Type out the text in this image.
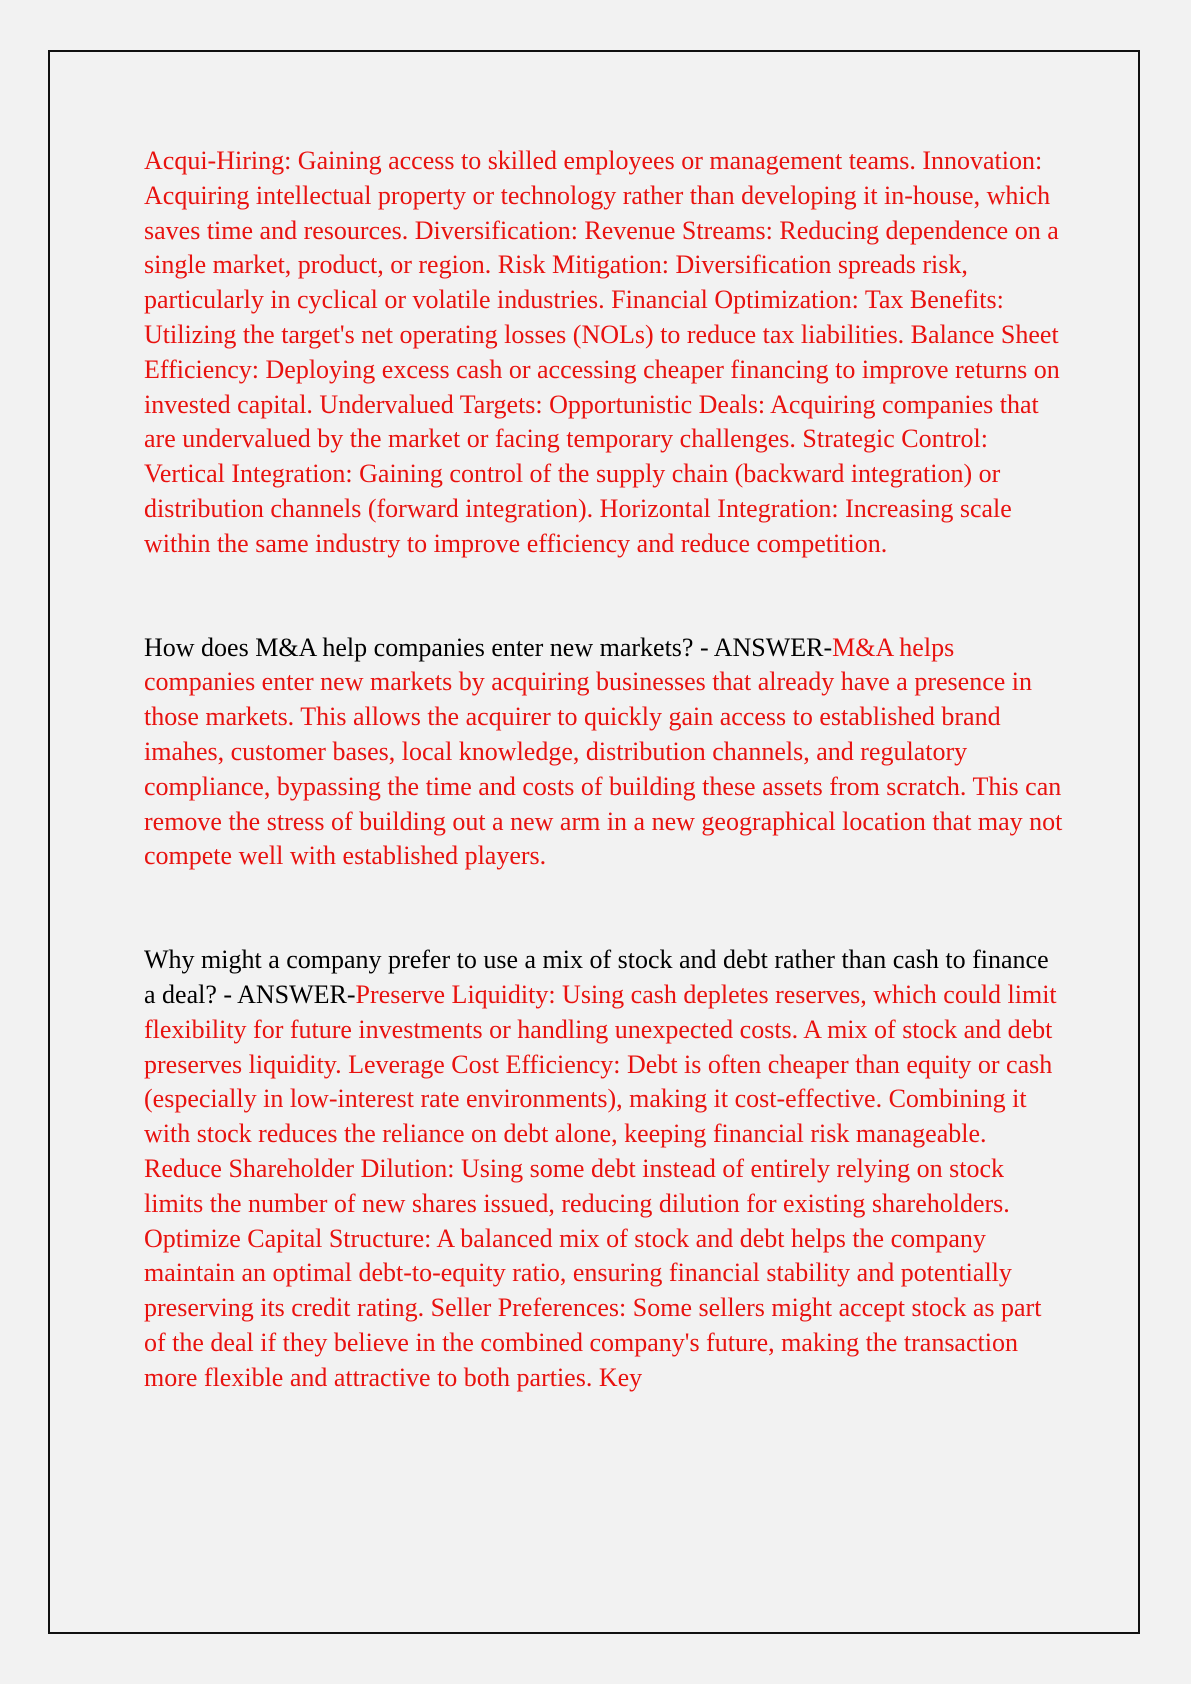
Acqui-Hiring: Gaining access to skilled employees or management teams. Innovation: Acquiring intellectual property or technology rather than developing it in-house, which saves time and resources. Diversification: Revenue Streams: Reducing dependence on a single market, product, or region. Risk Mitigation: Diversification spreads risk, particularly in cyclical or volatile industries. Financial Optimization: Tax Benefits: Utilizing the target's net operating losses (NOLs) to reduce tax liabilities. Balance Sheet Efficiency: Deploying excess cash or accessing cheaper financing to improve returns on invested capital. Undervalued Targets: Opportunistic Deals: Acquiring companies that are undervalued by the market or facing temporary challenges. Strategic Control: Vertical Integration: Gaining control of the supply chain (backward integration) or distribution channels (forward integration). Horizontal Integration: Increasing scale within the same industry to improve efficiency and reduce competition.

How does M&A help companies enter new markets? - ANSWER-M&A helps companies enter new markets by acquiring businesses that already have a presence in those markets. This allows the acquirer to quickly gain access to established brand imahes, customer bases, local knowledge, distribution channels, and regulatory compliance, bypassing the time and costs of building these assets from scratch. This can remove the stress of building out a new arm in a new geographical location that may not compete well with established players.

Why might a company prefer to use a mix of stock and debt rather than cash to finance a deal? - ANSWER-Preserve Liquidity: Using cash depletes reserves, which could limit flexibility for future investments or handling unexpected costs. A mix of stock and debt preserves liquidity. Leverage Cost Efficiency: Debt is often cheaper than equity or cash (especially in low-interest rate environments), making it cost-effective. Combining it with stock reduces the reliance on debt alone, keeping financial risk manageable. Reduce Shareholder Dilution: Using some debt instead of entirely relying on stock limits the number of new shares issued, reducing dilution for existing shareholders. Optimize Capital Structure: A balanced mix of stock and debt helps the company maintain an optimal debt-to-equity ratio, ensuring financial stability and potentially preserving its credit rating. Seller Preferences: Some sellers might accept stock as part of the deal if they believe in the combined company's future, making the transaction more flexible and attractive to both parties. Key
